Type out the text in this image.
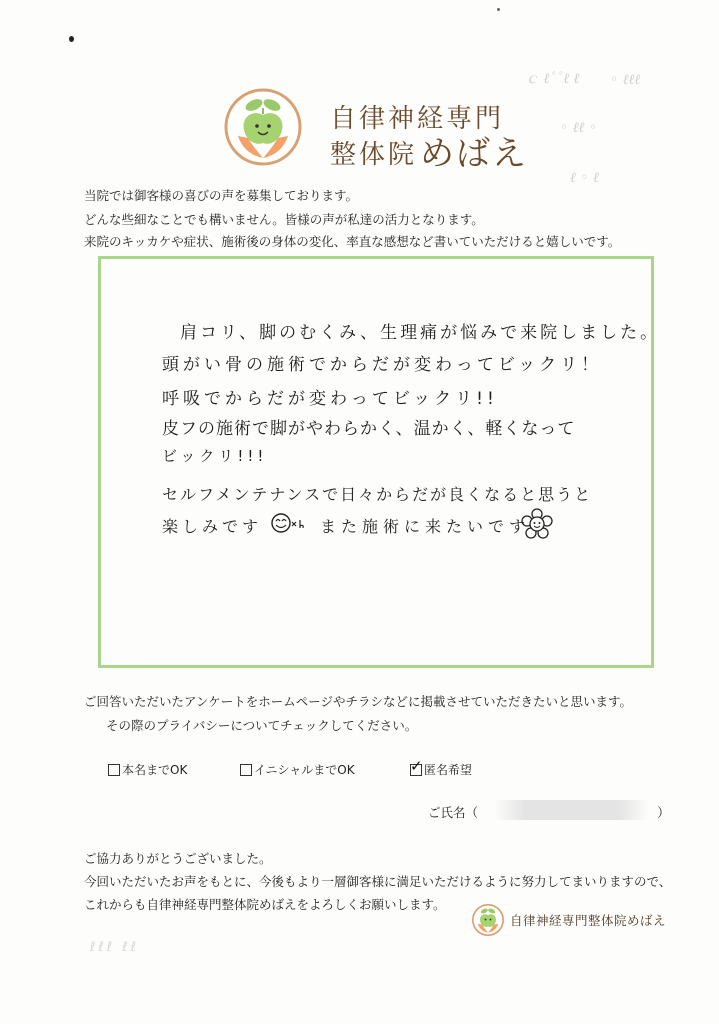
ｃ ℓﾟﾟℓ ℓ ◦ ℓℓℓ
◦ ℓℓ ◦
ℓ ◦ ℓ
自律神経専門
整体院 めばえ
当院では御客様の喜びの声を募集しております。
どんな些細なことでも構いません。皆様の声が私達の活力となります。
来院のキッカケや症状、施術後の身体の変化、率直な感想など書いていただけると嬉しいです。
肩コリ、脚のむくみ、生理痛が悩みで来院しました。
頭がい骨の施術でからだが変わってビックリ！
呼吸でからだが変わってビックリ!!
皮フの施術で脚がやわらかく、温かく、軽くなって
ビックリ!!!
セルフメンテナンスで日々からだが良くなると思うと
楽しみです	また施術に来たいです
ご回答いただいたアンケートをホームページやチラシなどに掲載させていただきたいと思います。
その際のプライバシーについてチェックしてください。
本名までOK	イニシャルまでOK	✓ 匿名希望
ご氏名（	）
ご協力ありがとうございました。
今回いただいたお声をもとに、今後もより一層御客様に満足いただけるように努力してまいりますので、
これからも自律神経専門整体院めばえをよろしくお願いします。
自律神経専門整体院めばえ
ℓℓℓ ℓℓ
